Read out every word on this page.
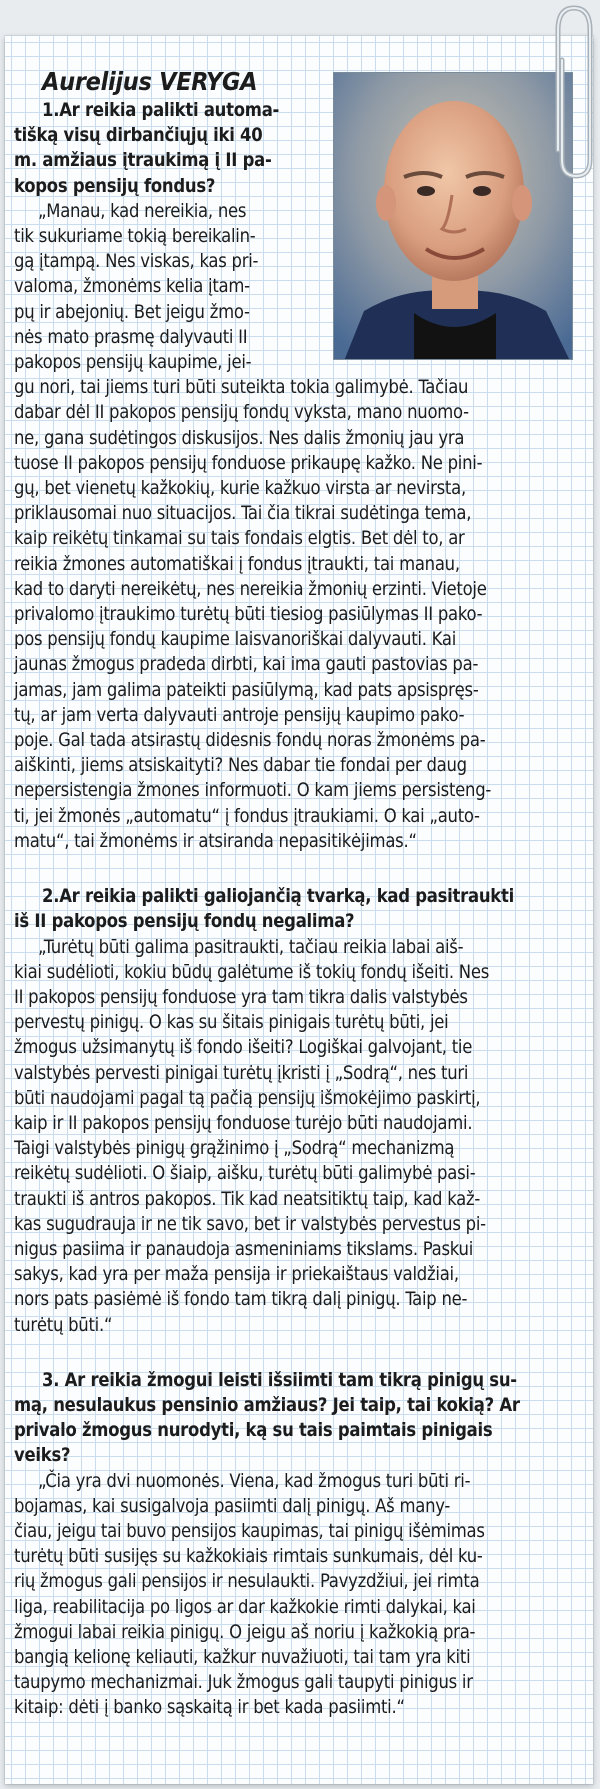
Aurelijus VERYGA
1.Ar reikia palikti automa-
tišką visų dirbančiųjų iki 40
m. amžiaus įtraukimą į II pa-
kopos pensijų fondus?
„Manau, kad nereikia, nes
tik sukuriame tokią bereikalin-
gą įtampą. Nes viskas, kas pri-
valoma, žmonėms kelia įtam-
pų ir abejonių. Bet jeigu žmo-
nės mato prasmę dalyvauti II
pakopos pensijų kaupime, jei-
gu nori, tai jiems turi būti suteikta tokia galimybė. Tačiau
dabar dėl II pakopos pensijų fondų vyksta, mano nuomo-
ne, gana sudėtingos diskusijos. Nes dalis žmonių jau yra
tuose II pakopos pensijų fonduose prikaupę kažko. Ne pini-
gų, bet vienetų kažkokių, kurie kažkuo virsta ar nevirsta,
priklausomai nuo situacijos. Tai čia tikrai sudėtinga tema,
kaip reikėtų tinkamai su tais fondais elgtis. Bet dėl to, ar
reikia žmones automatiškai į fondus įtraukti, tai manau,
kad to daryti nereikėtų, nes nereikia žmonių erzinti. Vietoje
privalomo įtraukimo turėtų būti tiesiog pasiūlymas II pako-
pos pensijų fondų kaupime laisvanoriškai dalyvauti. Kai
jaunas žmogus pradeda dirbti, kai ima gauti pastovias pa-
jamas, jam galima pateikti pasiūlymą, kad pats apsispręs-
tų, ar jam verta dalyvauti antroje pensijų kaupimo pako-
poje. Gal tada atsirastų didesnis fondų noras žmonėms pa-
aiškinti, jiems atsiskaityti? Nes dabar tie fondai per daug
nepersistengia žmones informuoti. O kam jiems persisteng-
ti, jei žmonės „automatu“ į fondus įtraukiami. O kai „auto-
matu“, tai žmonėms ir atsiranda nepasitikėjimas.“
2.Ar reikia palikti galiojančią tvarką, kad pasitraukti
iš II pakopos pensijų fondų negalima?
„Turėtų būti galima pasitraukti, tačiau reikia labai aiš-
kiai sudėlioti, kokiu būdų galėtume iš tokių fondų išeiti. Nes
II pakopos pensijų fonduose yra tam tikra dalis valstybės
pervestų pinigų. O kas su šitais pinigais turėtų būti, jei
žmogus užsimanytų iš fondo išeiti? Logiškai galvojant, tie
valstybės pervesti pinigai turėtų įkristi į „Sodrą“, nes turi
būti naudojami pagal tą pačią pensijų išmokėjimo paskirtį,
kaip ir II pakopos pensijų fonduose turėjo būti naudojami.
Taigi valstybės pinigų grąžinimo į „Sodrą“ mechanizmą
reikėtų sudėlioti. O šiaip, aišku, turėtų būti galimybė pasi-
traukti iš antros pakopos. Tik kad neatsitiktų taip, kad kaž-
kas sugudrauja ir ne tik savo, bet ir valstybės pervestus pi-
nigus pasiima ir panaudoja asmeniniams tikslams. Paskui
sakys, kad yra per maža pensija ir priekaištaus valdžiai,
nors pats pasiėmė iš fondo tam tikrą dalį pinigų. Taip ne-
turėtų būti.“
3. Ar reikia žmogui leisti išsiimti tam tikrą pinigų su-
mą, nesulaukus pensinio amžiaus? Jei taip, tai kokią? Ar
privalo žmogus nurodyti, ką su tais paimtais pinigais
veiks?
„Čia yra dvi nuomonės. Viena, kad žmogus turi būti ri-
bojamas, kai susigalvoja pasiimti dalį pinigų. Aš many-
čiau, jeigu tai buvo pensijos kaupimas, tai pinigų išėmimas
turėtų būti susijęs su kažkokiais rimtais sunkumais, dėl ku-
rių žmogus gali pensijos ir nesulaukti. Pavyzdžiui, jei rimta
liga, reabilitacija po ligos ar dar kažkokie rimti dalykai, kai
žmogui labai reikia pinigų. O jeigu aš noriu į kažkokią pra-
bangią kelionę keliauti, kažkur nuvažiuoti, tai tam yra kiti
taupymo mechanizmai. Juk žmogus gali taupyti pinigus ir
kitaip: dėti į banko sąskaitą ir bet kada pasiimti.“
